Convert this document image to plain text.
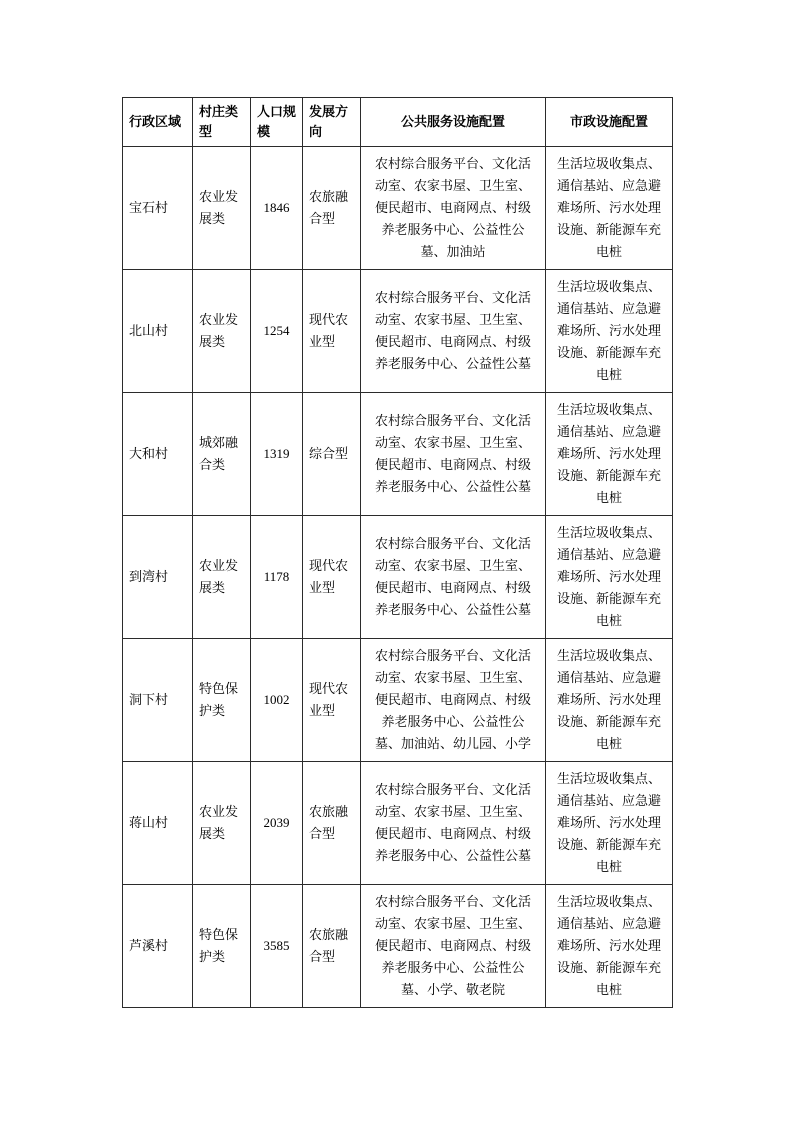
行政区域	村庄类型	人口规模	发展方向	公共服务设施配置	市政设施配置
宝石村	农业发展类	1846	农旅融合型	农村综合服务平台、文化活动室、农家书屋、卫生室、便民超市、电商网点、村级养老服务中心、公益性公墓、加油站	生活垃圾收集点、通信基站、应急避难场所、污水处理设施、新能源车充电桩
北山村	农业发展类	1254	现代农业型	农村综合服务平台、文化活动室、农家书屋、卫生室、便民超市、电商网点、村级养老服务中心、公益性公墓	生活垃圾收集点、通信基站、应急避难场所、污水处理设施、新能源车充电桩
大和村	城郊融合类	1319	综合型	农村综合服务平台、文化活动室、农家书屋、卫生室、便民超市、电商网点、村级养老服务中心、公益性公墓	生活垃圾收集点、通信基站、应急避难场所、污水处理设施、新能源车充电桩
到湾村	农业发展类	1178	现代农业型	农村综合服务平台、文化活动室、农家书屋、卫生室、便民超市、电商网点、村级养老服务中心、公益性公墓	生活垃圾收集点、通信基站、应急避难场所、污水处理设施、新能源车充电桩
洞下村	特色保护类	1002	现代农业型	农村综合服务平台、文化活动室、农家书屋、卫生室、便民超市、电商网点、村级养老服务中心、公益性公墓、加油站、幼儿园、小学	生活垃圾收集点、通信基站、应急避难场所、污水处理设施、新能源车充电桩
蒋山村	农业发展类	2039	农旅融合型	农村综合服务平台、文化活动室、农家书屋、卫生室、便民超市、电商网点、村级养老服务中心、公益性公墓	生活垃圾收集点、通信基站、应急避难场所、污水处理设施、新能源车充电桩
芦溪村	特色保护类	3585	农旅融合型	农村综合服务平台、文化活动室、农家书屋、卫生室、便民超市、电商网点、村级养老服务中心、公益性公墓、小学、敬老院	生活垃圾收集点、通信基站、应急避难场所、污水处理设施、新能源车充电桩
